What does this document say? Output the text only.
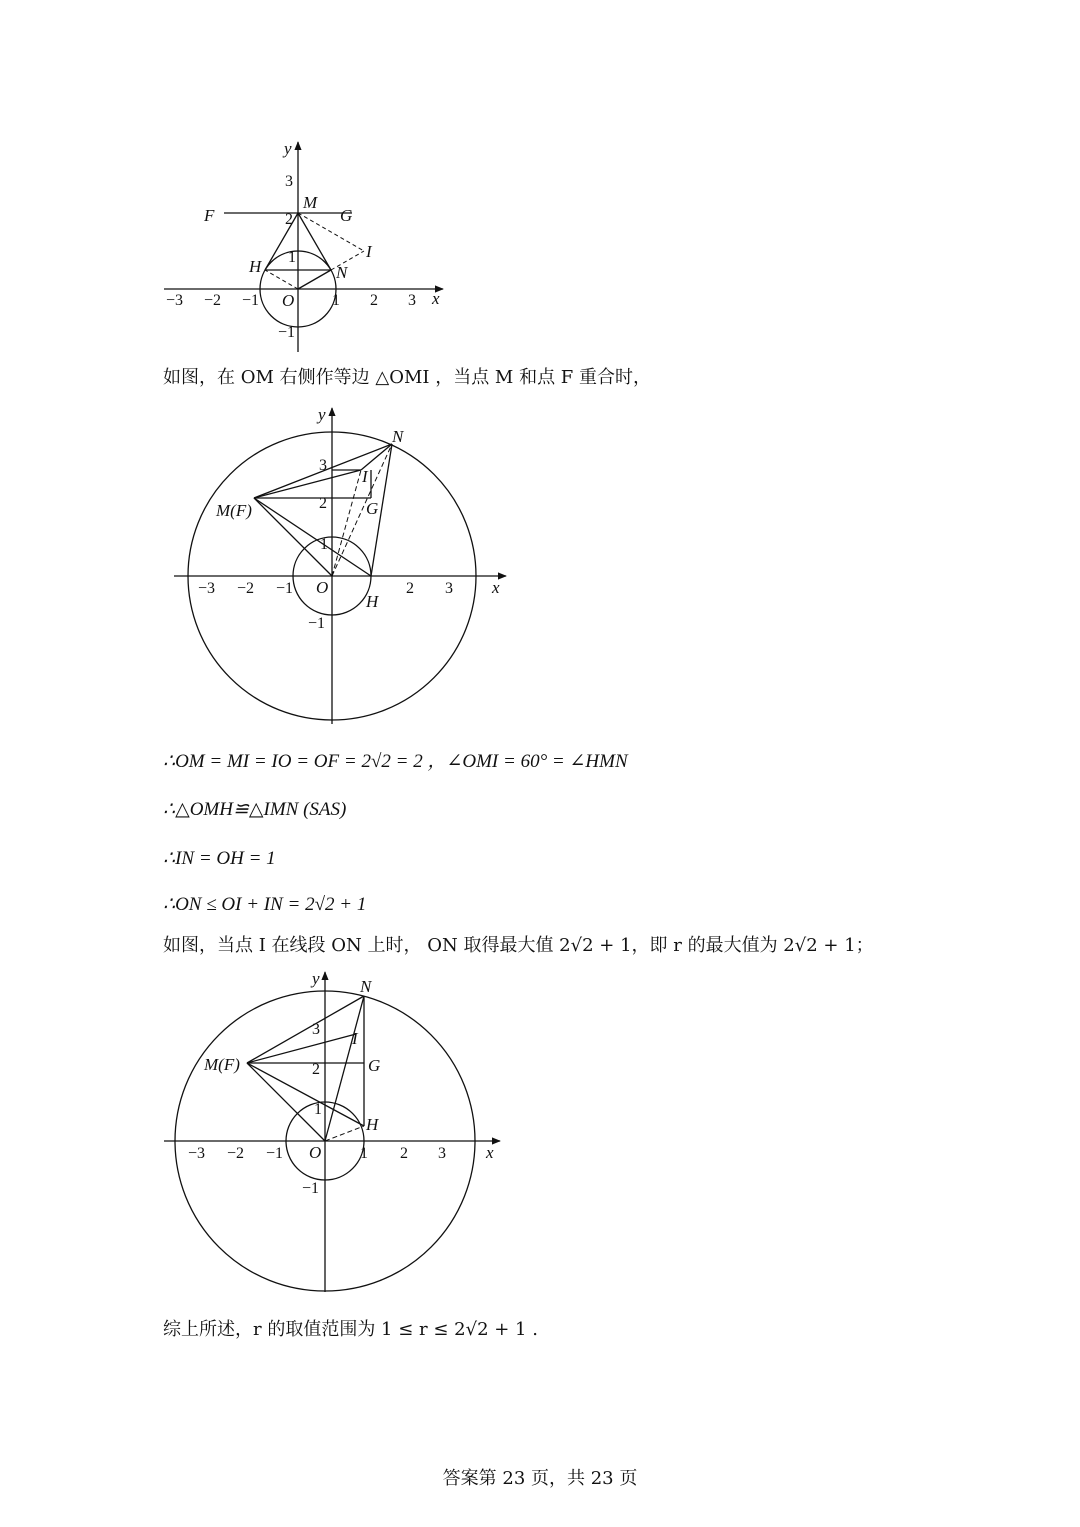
x
y
−3 −2 −1	1 2 3
3
2
1
−1
O
F	G
M
H	N
I
如图，在 OM 右侧作等边 △OMI ，当点 M 和点 F 重合时，
x
y
−3 −2 −1	2 3
3
2
1
−1
O
M(F)
N
I
G
H
∴OM = MI = IO = OF = 2√2 = 2 ，∠OMI = 60° = ∠HMN
∴△OMH≌△IMN (SAS)
∴IN = OH = 1
∴ON ≤ OI + IN = 2√2 + 1
如图，当点 I 在线段 ON 上时， ON 取得最大值 2√2 + 1，即 r 的最大值为 2√2 + 1；
x
y
−3 −2 −1	1 2 3
3
2
1
−1
O
M(F)
N
I
G
H
综上所述，r 的取值范围为 1 ≤ r ≤ 2√2 + 1 .
答案第 23 页，共 23 页
